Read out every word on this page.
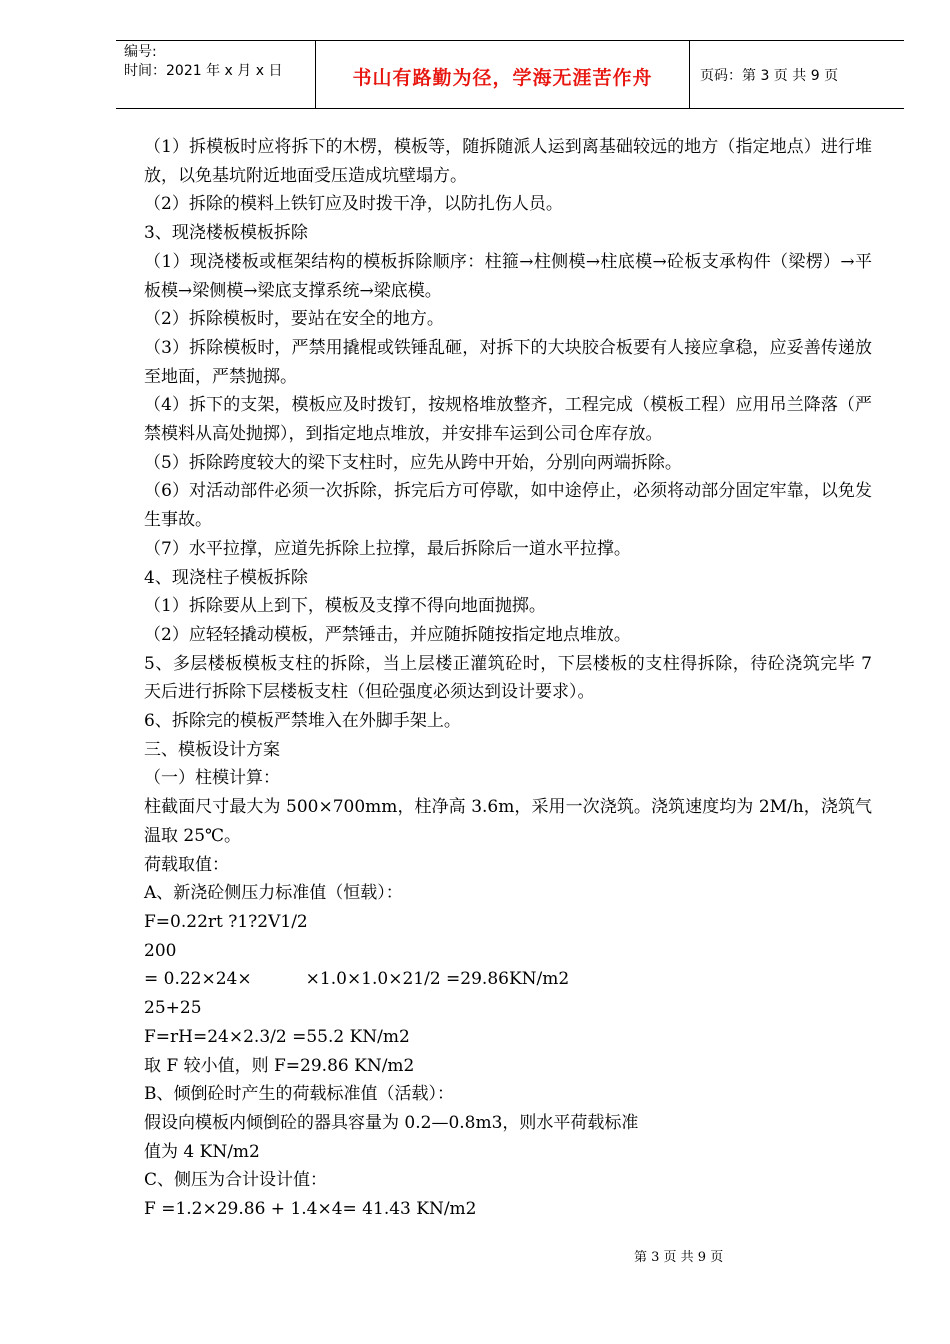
编号:
时间：2021 年 x 月 x 日	书山有路勤为径，学海无涯苦作舟	页码：第 3 页 共 9 页

（1）拆模板时应将拆下的木楞，模板等，随拆随派人运到离基础较远的地方（指定地点）进行堆放，以免基坑附近地面受压造成坑壁塌方。

（2）拆除的模料上铁钉应及时拨干净，以防扎伤人员。

3、现浇楼板模板拆除

（1）现浇楼板或框架结构的模板拆除顺序：柱箍→柱侧模→柱底模→砼板支承构件（梁楞）→平板模→梁侧模→梁底支撑系统→梁底模。

（2）拆除模板时，要站在安全的地方。

（3）拆除模板时，严禁用撬棍或铁锤乱砸，对拆下的大块胶合板要有人接应拿稳，应妥善传递放至地面，严禁抛掷。

（4）拆下的支架，模板应及时拨钉，按规格堆放整齐，工程完成（模板工程）应用吊兰降落（严禁模料从高处抛掷），到指定地点堆放，并安排车运到公司仓库存放。

（5）拆除跨度较大的梁下支柱时，应先从跨中开始，分别向两端拆除。

（6）对活动部件必须一次拆除，拆完后方可停歇，如中途停止，必须将动部分固定牢靠，以免发生事故。

（7）水平拉撑，应道先拆除上拉撑，最后拆除后一道水平拉撑。

4、现浇柱子模板拆除

（1）拆除要从上到下，模板及支撑不得向地面抛掷。

（2）应轻轻撬动模板，严禁锤击，并应随拆随按指定地点堆放。

5、多层楼板模板支柱的拆除，当上层楼正灌筑砼时，下层楼板的支柱得拆除，待砼浇筑完毕 7 天后进行拆除下层楼板支柱（但砼强度必须达到设计要求）。

6、拆除完的模板严禁堆入在外脚手架上。

三、模板设计方案

（一）柱模计算：

柱截面尺寸最大为 500×700mm，柱净高 3.6m，采用一次浇筑。浇筑速度均为 2M/h，浇筑气温取 25℃。

荷载取值：

A、新浇砼侧压力标准值（恒载）：

F=0.22rt ?1?2V1/2

200

= 0.22×24×          ×1.0×1.0×21/2 =29.86KN/m2

25+25

F=rH=24×2.3/2 =55.2 KN/m2

取 F 较小值，则 F=29.86 KN/m2

B、倾倒砼时产生的荷载标准值（活载）：

假设向模板内倾倒砼的器具容量为 0.2—0.8m3，则水平荷载标准

值为 4 KN/m2

C、侧压为合计设计值：

F =1.2×29.86 + 1.4×4= 41.43 KN/m2

第 3 页 共 9 页
